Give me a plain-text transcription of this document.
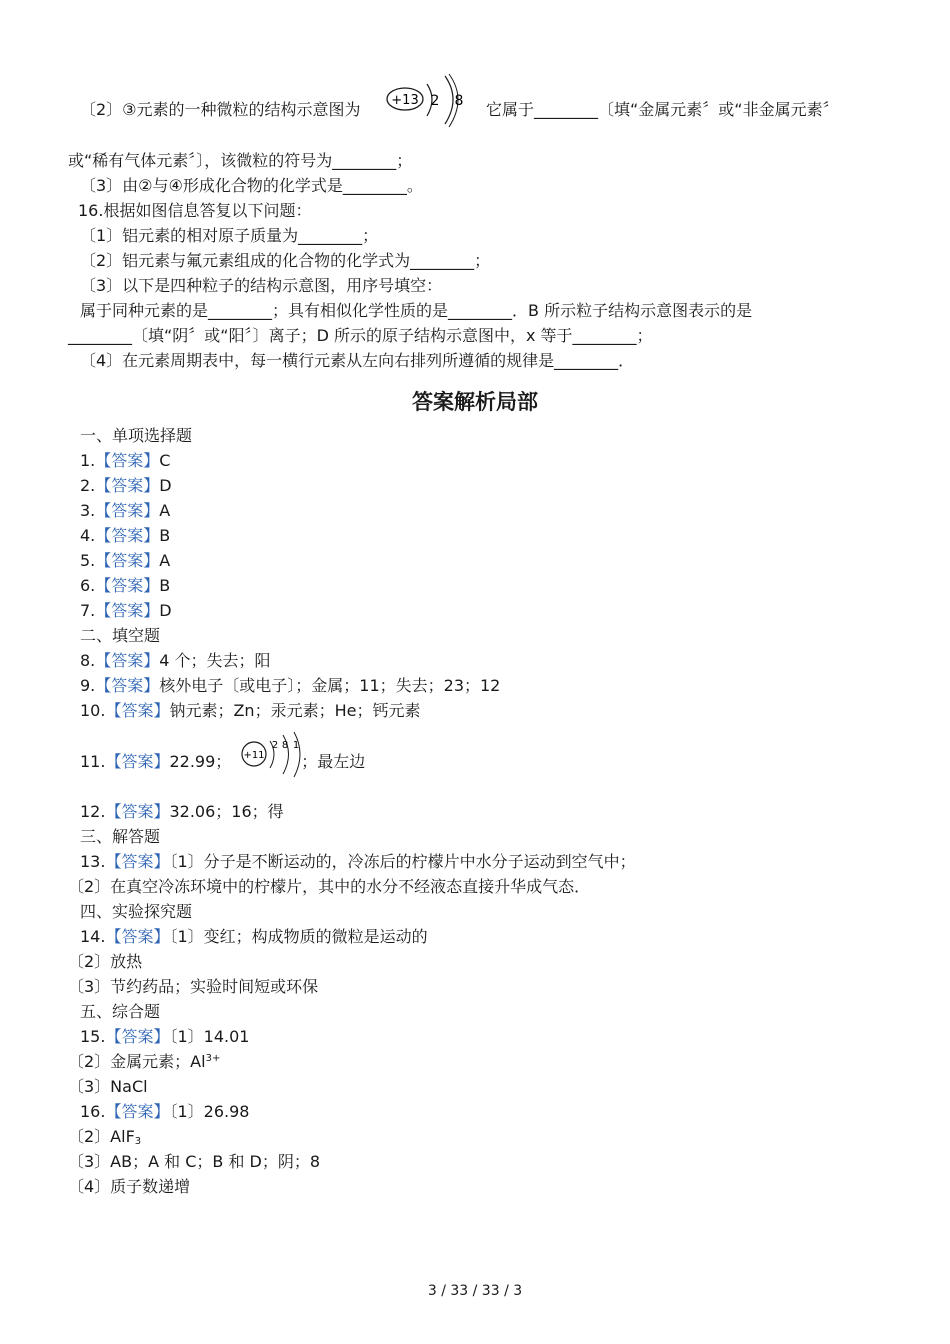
〔2〕③元素的一种微粒的结构示意图为 +13 2 8 它属于________〔填“金属元素〞或“非金属元素〞
或“稀有气体元素〞〕，该微粒的符号为________；
〔3〕由②与④形成化合物的化学式是________。
16.根据如图信息答复以下问题：
〔1〕铝元素的相对原子质量为________；
〔2〕铝元素与氟元素组成的化合物的化学式为________；
〔3〕以下是四种粒子的结构示意图，用序号填空：
属于同种元素的是________；具有相似化学性质的是________．B 所示粒子结构示意图表示的是
________〔填“阴〞或“阳〞〕离子；D 所示的原子结构示意图中，x 等于________；
〔4〕在元素周期表中，每一横行元素从左向右排列所遵循的规律是________．
答案解析局部
一、单项选择题
1.【答案】C
2.【答案】D
3.【答案】A
4.【答案】B
5.【答案】A
6.【答案】B
7.【答案】D
二、填空题
8.【答案】4 个；失去；阳
9.【答案】核外电子〔或电子〕；金属；11；失去；23；12
10.【答案】钠元素；Zn；汞元素；He；钙元素
11.【答案】22.99；	；最左边
+11
2 8 1
12.【答案】32.06；16；得
三、解答题
13.【答案】〔1〕分子是不断运动的，冷冻后的柠檬片中水分子运动到空气中；
〔2〕在真空冷冻环境中的柠檬片，其中的水分不经液态直接升华成气态．
四、实验探究题
14.【答案】〔1〕变红；构成物质的微粒是运动的
〔2〕放热
〔3〕节约药品；实验时间短或环保
五、综合题
15.【答案】〔1〕14.01
〔2〕金属元素；$Al^{3+}$
〔3〕NaCl
16.【答案】〔1〕26.98
〔2〕AlF$_3$
〔3〕AB；A 和 C；B 和 D；阴；8
〔4〕质子数递增
3 / 33 / 33 / 3
